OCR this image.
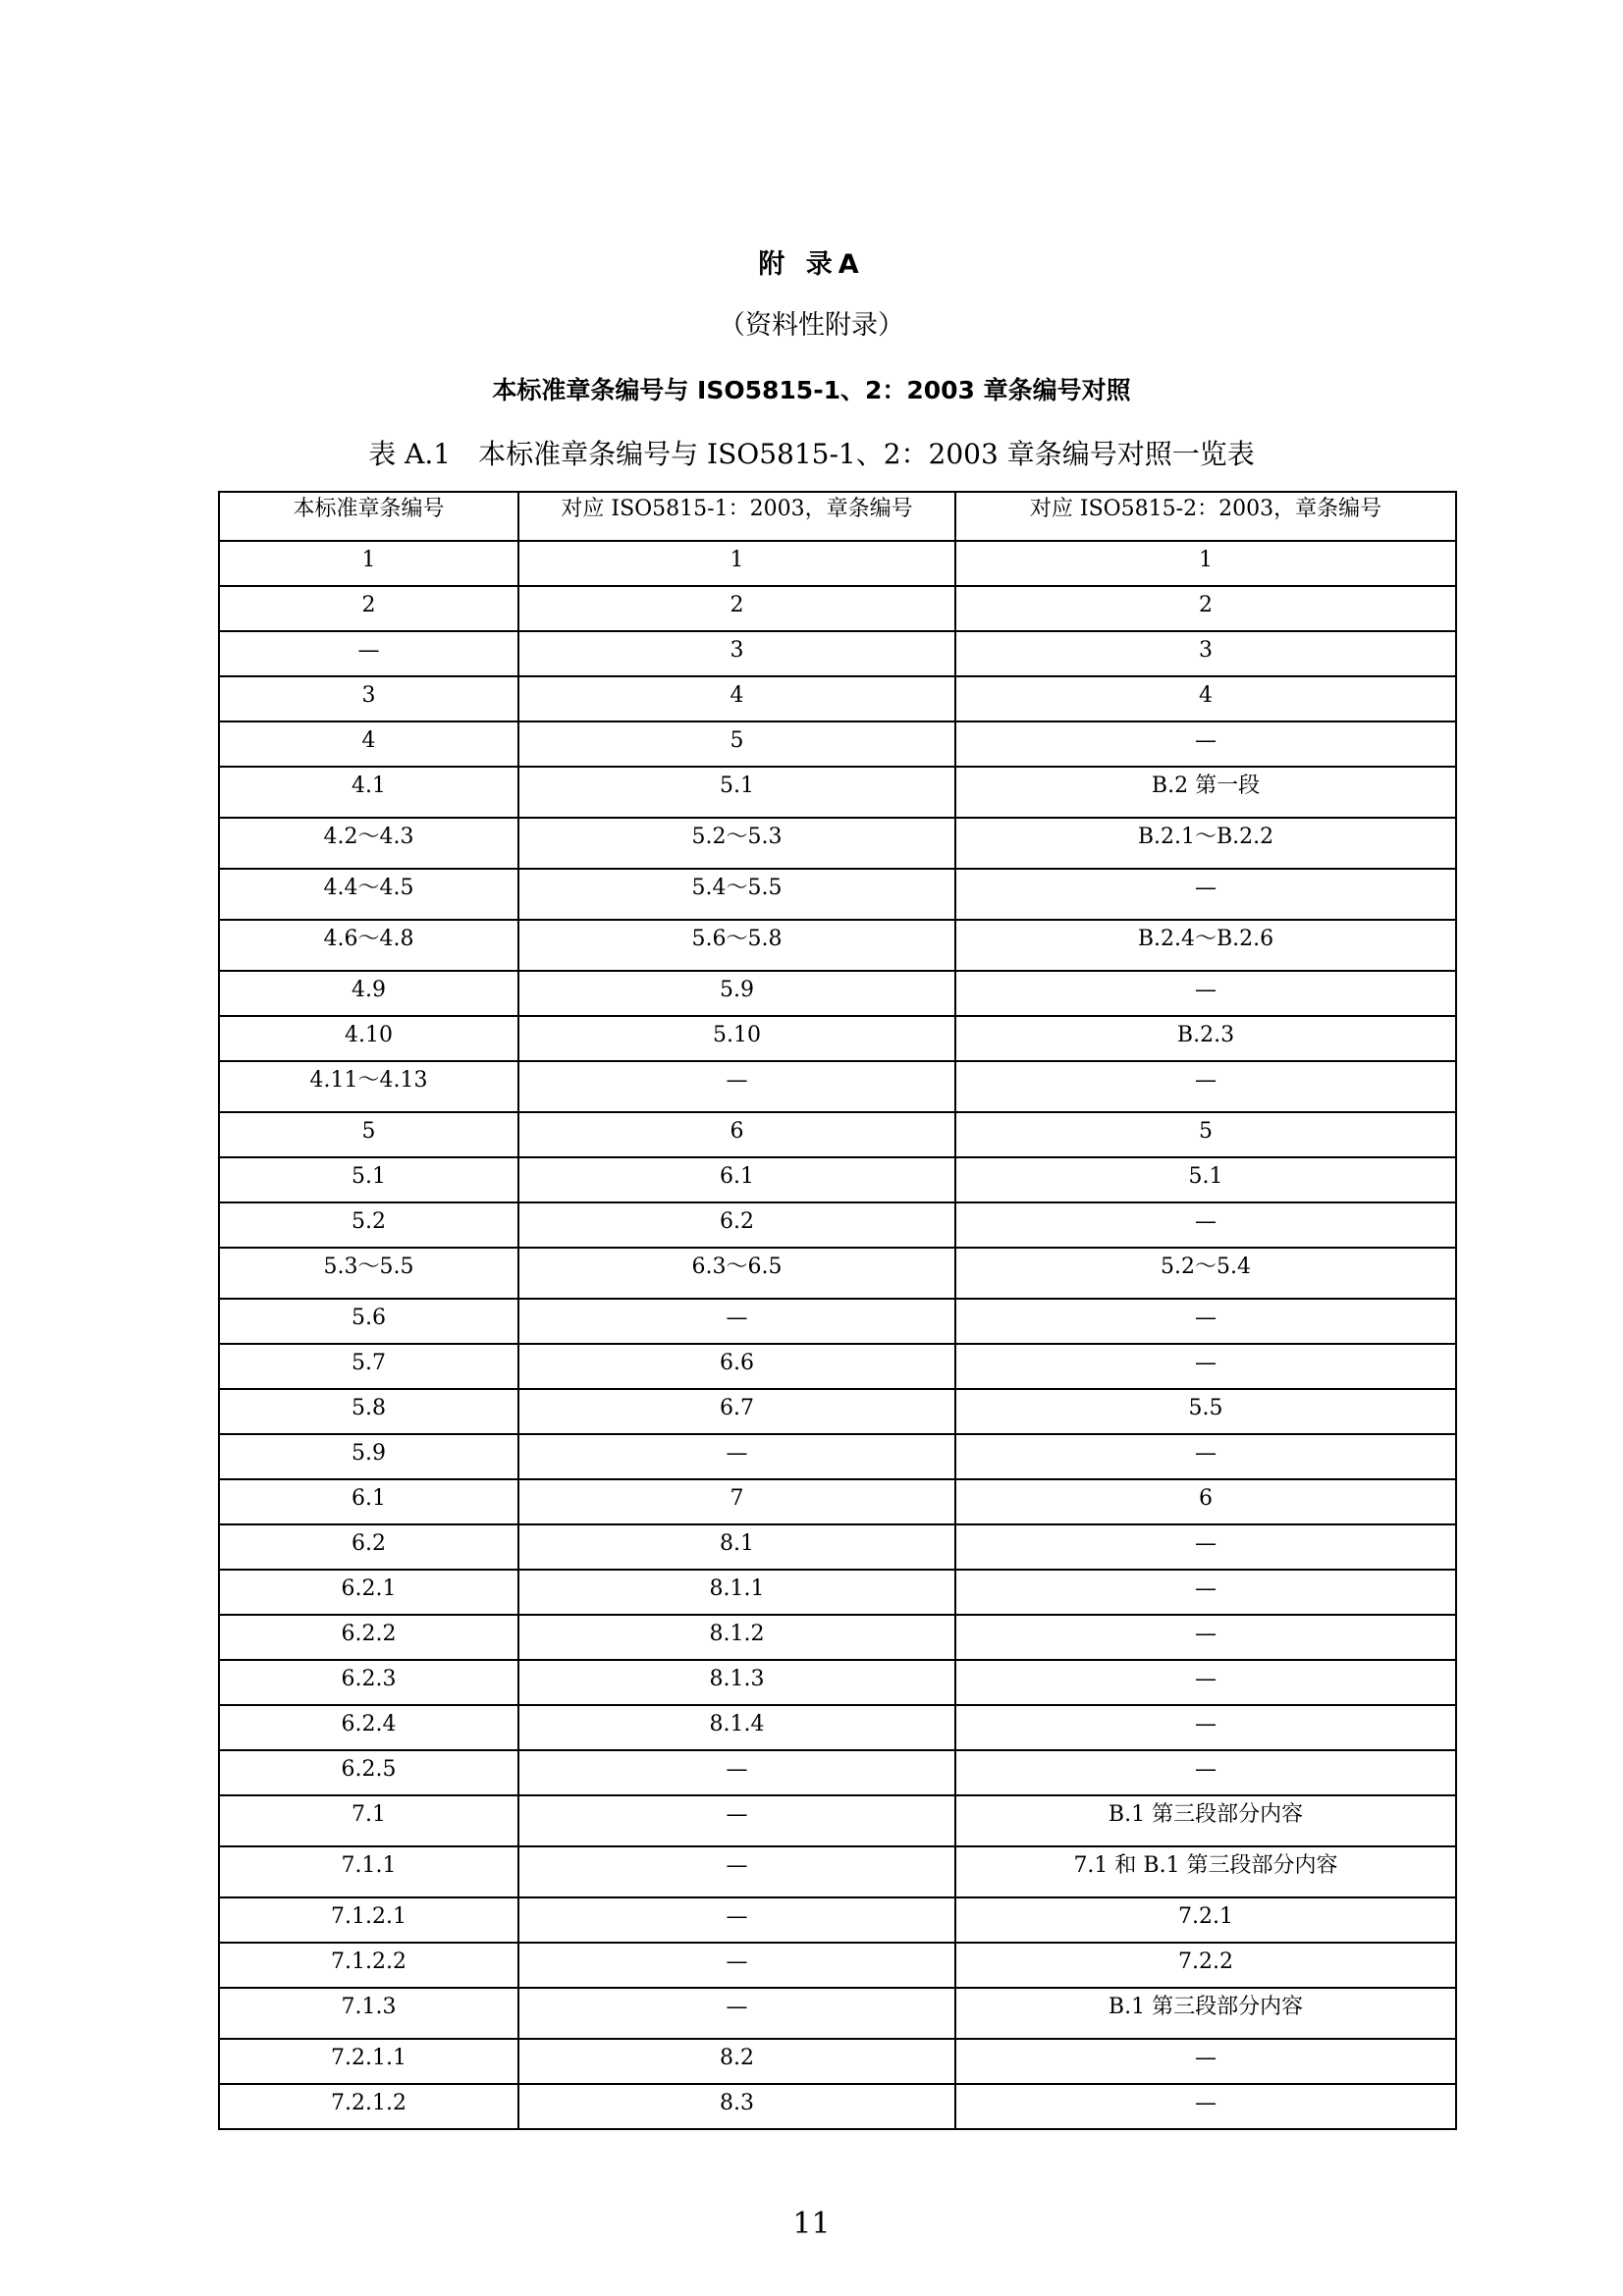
附 录A
（资料性附录）
本标准章条编号与 ISO5815-1、2：2003 章条编号对照
表 A.1　本标准章条编号与 ISO5815-1、2：2003 章条编号对照一览表
本标准章条编号	对应 ISO5815-1：2003，章条编号	对应 ISO5815-2：2003，章条编号
1	1	1
2	2	2
—	3	3
3	4	4
4	5	—
4.1	5.1	B.2 第一段
4.2～4.3	5.2～5.3	B.2.1～B.2.2
4.4～4.5	5.4～5.5	—
4.6～4.8	5.6～5.8	B.2.4～B.2.6
4.9	5.9	—
4.10	5.10	B.2.3
4.11～4.13	—	—
5	6	5
5.1	6.1	5.1
5.2	6.2	—
5.3～5.5	6.3～6.5	5.2～5.4
5.6	—	—
5.7	6.6	—
5.8	6.7	5.5
5.9	—	—
6.1	7	6
6.2	8.1	—
6.2.1	8.1.1	—
6.2.2	8.1.2	—
6.2.3	8.1.3	—
6.2.4	8.1.4	—
6.2.5	—	—
7.1	—	B.1 第三段部分内容
7.1.1	—	7.1 和 B.1 第三段部分内容
7.1.2.1	—	7.2.1
7.1.2.2	—	7.2.2
7.1.3	—	B.1 第三段部分内容
7.2.1.1	8.2	—
7.2.1.2	8.3	—
11
